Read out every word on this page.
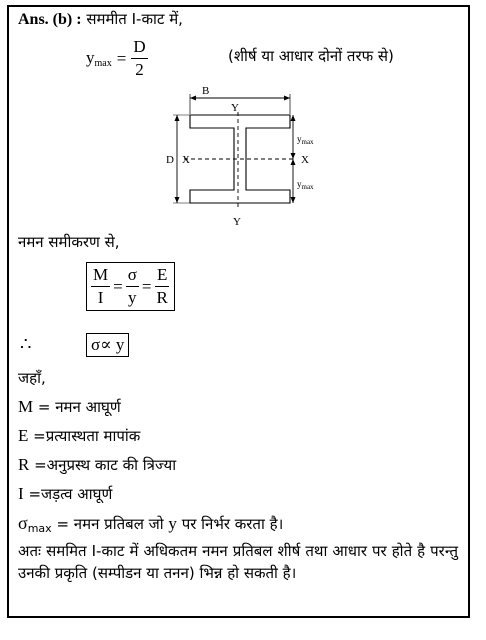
Ans. (b) : सममीत I-काट में,
$y_{max} = \frac{D}{2}$	(शीर्ष या आधार दोनों तरफ से)
B
Y
Y
X	X
D
$y_{max}$
$y_{max}$
नमन समीकरण से,
$\frac{M}{I} = \frac{\sigma}{y} = \frac{E}{R}$
∴	σ∝ y
जहाँ,
M = नमन आघूर्ण
E =प्रत्यास्थता मापांक
R =अनुप्रस्थ काट की त्रिज्या
I =जड़त्व आघूर्ण
$\sigma_{max}$ = नमन प्रतिबल जो y पर निर्भर करता है।
अतः सममित I-काट में अधिकतम नमन प्रतिबल शीर्ष तथा आधार पर होते है परन्तु उनकी प्रकृति (सम्पीडन या तनन) भिन्न हो सकती है।
